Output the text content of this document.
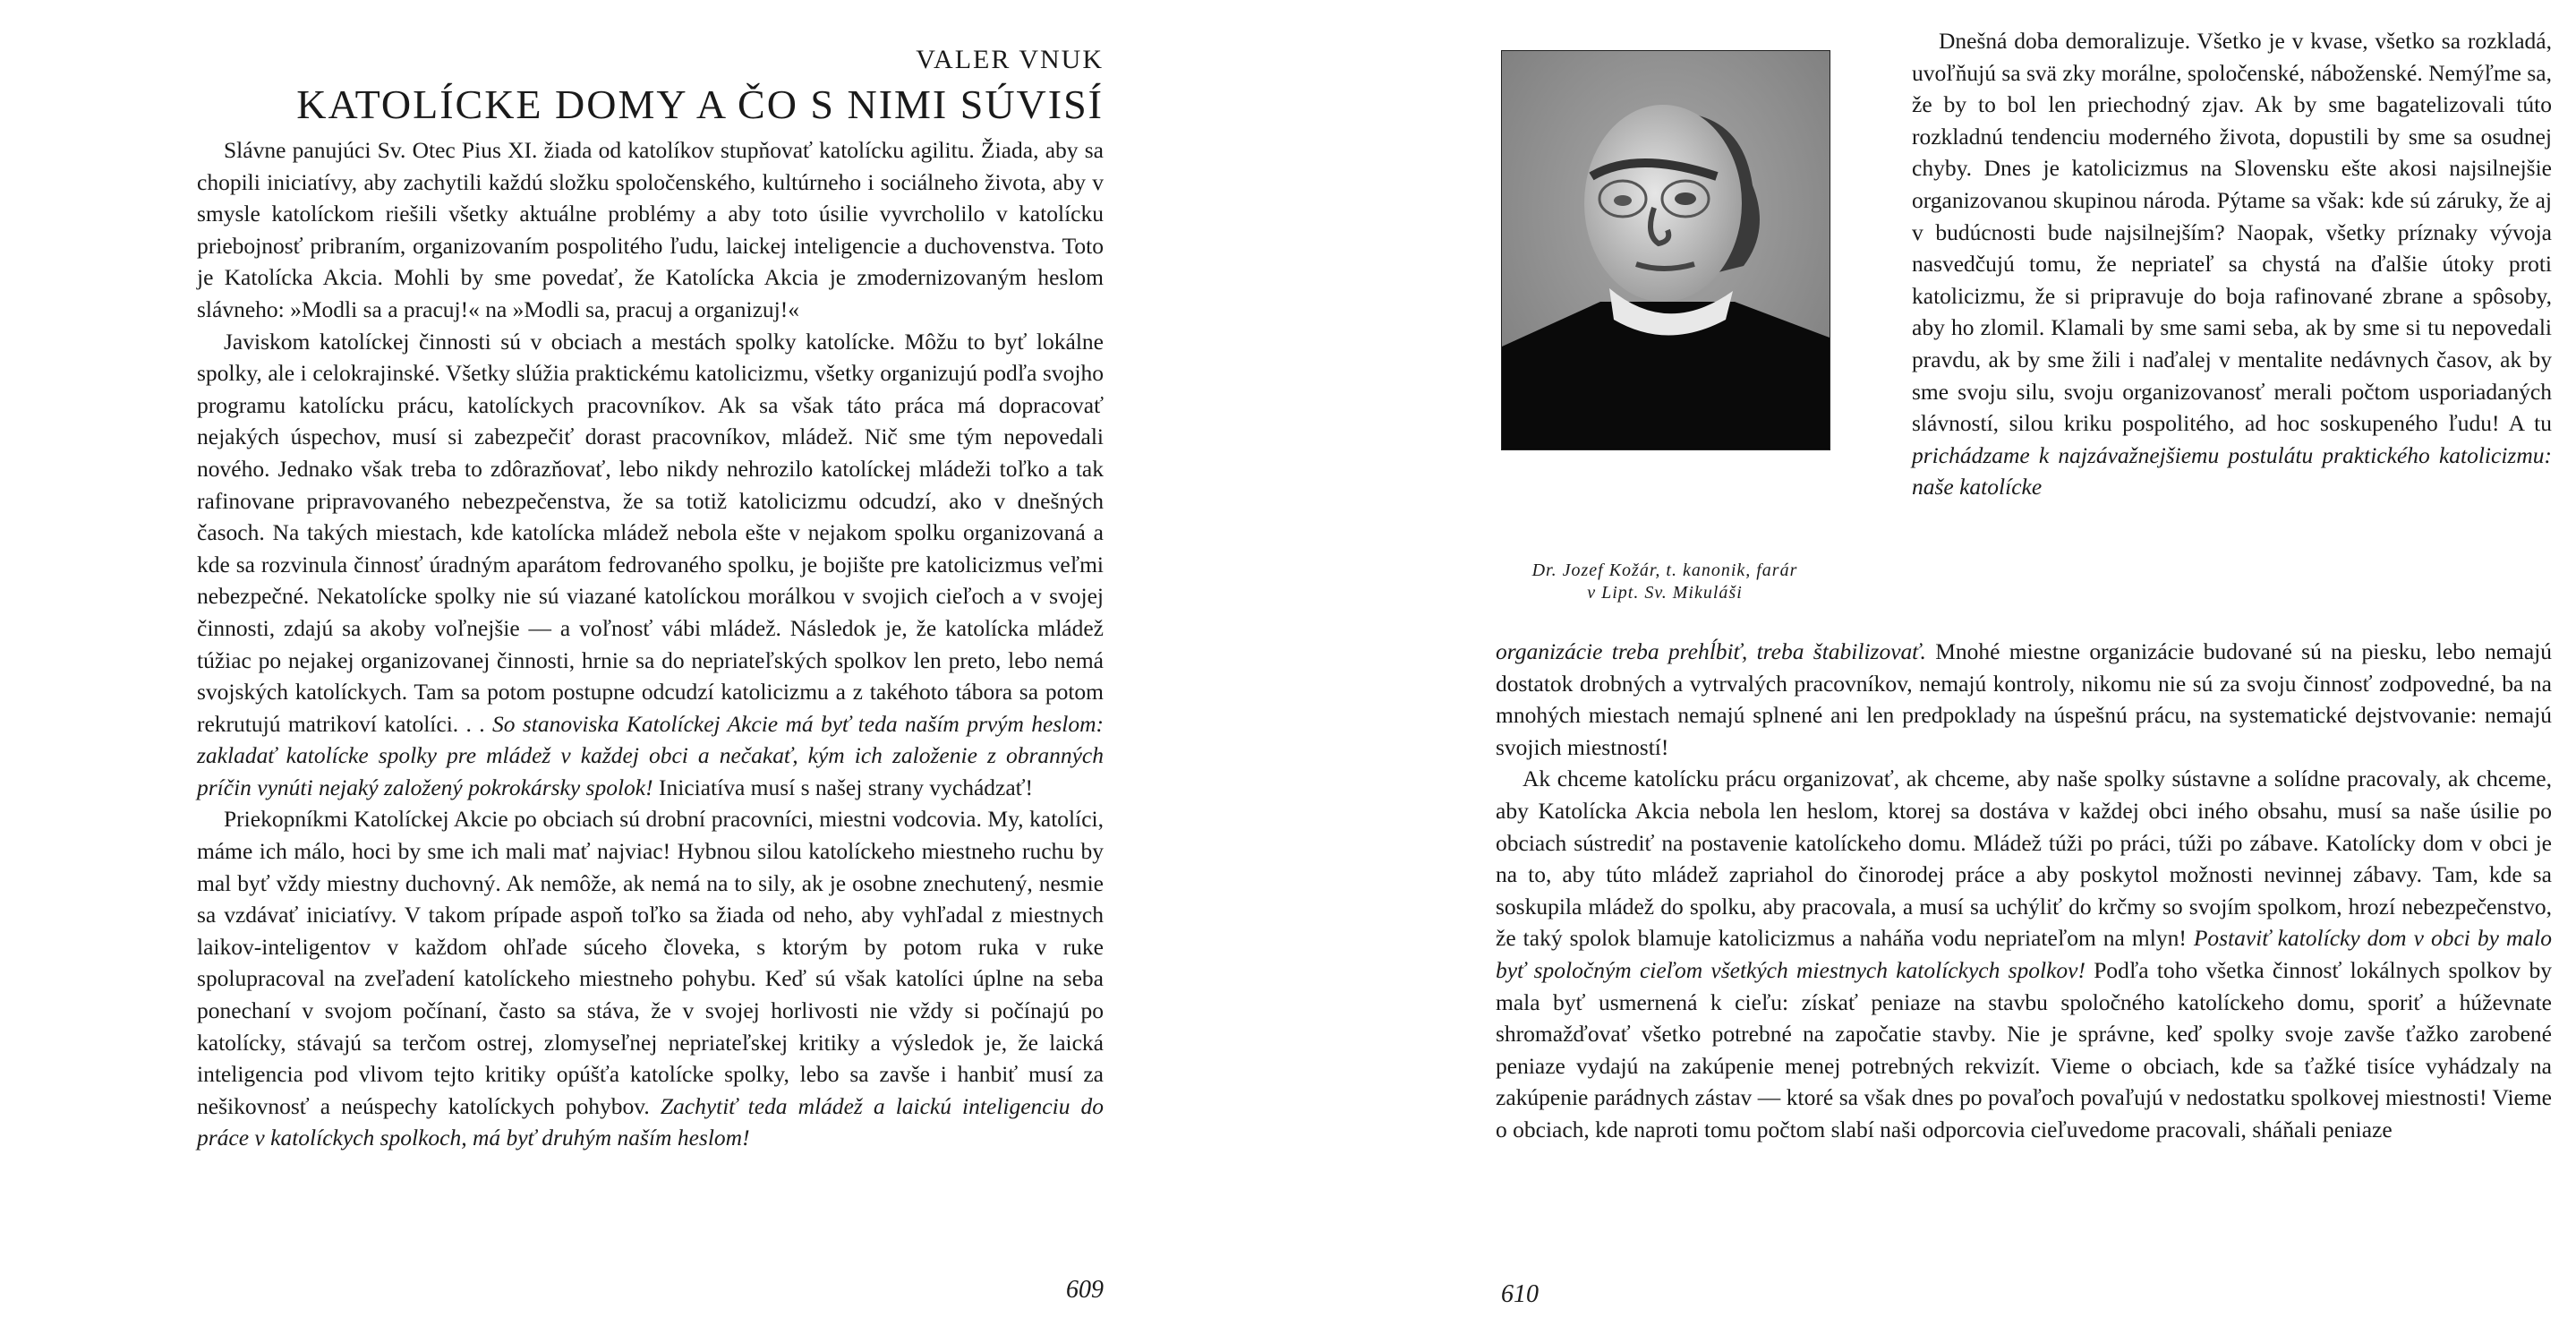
VALER VNUK
KATOLÍCKE DOMY A ČO S NIMI SÚVISÍ

Slávne panujúci Sv. Otec Pius XI. žiada od katolíkov stupňovať katolícku agilitu. Žiada, aby sa chopili iniciatívy, aby zachytili každú složku spoločenského, kultúrneho i sociálneho života, aby v smysle katolíckom riešili všetky aktuálne problémy a aby toto úsilie vyvrcholilo v katolícku priebojnosť pribraním, organizovaním pospolitého ľudu, laickej inteligencie a duchovenstva. Toto je Katolícka Akcia. Mohli by sme povedať, že Katolícka Akcia je zmodernizovaným heslom slávneho: »Modli sa a pracuj!« na »Modli sa, pracuj a organizuj!«

Javiskom katolíckej činnosti sú v obciach a mestách spolky katolícke. Môžu to byť lokálne spolky, ale i celokrajinské. Všetky slúžia praktickému katolicizmu, všetky organizujú podľa svojho programu katolícku prácu, katolíckych pracovníkov. Ak sa však táto práca má dopracovať nejakých úspechov, musí si zabezpečiť dorast pracovníkov, mládež. Nič sme tým nepovedali nového. Jednako však treba to zdôrazňovať, lebo nikdy nehrozilo katolíckej mládeži toľko a tak rafinovane pripravovaného nebezpečenstva, že sa totiž katolicizmu odcudzí, ako v dnešných časoch. Na takých miestach, kde katolícka mládež nebola ešte v nejakom spolku organizovaná a kde sa rozvinula činnosť úradným aparátom fedrovaného spolku, je bojište pre katolicizmus veľmi nebezpečné. Nekatolícke spolky nie sú viazané katolíckou morálkou v svojich cieľoch a v svojej činnosti, zdajú sa akoby voľnejšie — a voľnosť vábi mládež. Následok je, že katolícka mládež túžiac po nejakej organizovanej činnosti, hrnie sa do nepriateľských spolkov len preto, lebo nemá svojských katolíckych. Tam sa potom postupne odcudzí katolicizmu a z takéhoto tábora sa potom rekrutujú matrikoví katolíci. . . So stanoviska Katolíckej Akcie má byť teda naším prvým heslom: zakladať katolícke spolky pre mládež v každej obci a nečakať, kým ich založenie z obranných príčin vynúti nejaký založený pokrokársky spolok! Iniciatíva musí s našej strany vychádzať!

Priekopníkmi Katolíckej Akcie po obciach sú drobní pracovníci, miestni vodcovia. My, katolíci, máme ich málo, hoci by sme ich mali mať najviac! Hybnou silou katolíckeho miestneho ruchu by mal byť vždy miestny duchovný. Ak nemôže, ak nemá na to sily, ak je osobne znechutený, nesmie sa vzdávať iniciatívy. V takom prípade aspoň toľko sa žiada od neho, aby vyhľadal z miestnych laikov-inteligentov v každom ohľade súceho človeka, s ktorým by potom ruka v ruke spolupracoval na zveľadení katolíckeho miestneho pohybu. Keď sú však katolíci úplne na seba ponechaní v svojom počínaní, často sa stáva, že v svojej horlivosti nie vždy si počínajú po katolícky, stávajú sa terčom ostrej, zlomyseľnej nepriateľskej kritiky a výsledok je, že laická inteligencia pod vlivom tejto kritiky opúšťa katolícke spolky, lebo sa zavše i hanbiť musí za nešikovnosť a neúspechy katolíckych pohybov. Zachytiť teda mládež a laickú inteligenciu do práce v katolíckych spolkoch, má byť druhým naším heslom!

609
Dr. Jozef Kožár, t. kanonik, farár
v Lipt. Sv. Mikuláši

Dnešná doba demoralizuje. Všetko je v kvase, všetko sa rozkladá, uvoľňujú sa svä zky morálne, spoločenské, náboženské. Nemýľme sa, že by to bol len priechodný zjav. Ak by sme bagatelizovali túto rozkladnú tendenciu moderného života, dopustili by sme sa osudnej chyby. Dnes je katolicizmus na Slovensku ešte akosi najsilnejšie organizovanou skupinou národa. Pýtame sa však: kde sú záruky, že aj v budúcnosti bude najsilnejším? Naopak, všetky príznaky vývoja nasvedčujú tomu, že nepriateľ sa chystá na ďalšie útoky proti katolicizmu, že si pripravuje do boja rafinované zbrane a spôsoby, aby ho zlomil. Klamali by sme sami seba, ak by sme si tu nepovedali pravdu, ak by sme žili i naďalej v mentalite nedávnych časov, ak by sme svoju silu, svoju organizovanosť merali počtom usporiadaných slávností, silou kriku pospolitého, ad hoc soskupeného ľudu! A tu prichádzame k najzávažnejšiemu postulátu praktického katolicizmu: naše katolícke

organizácie treba prehĺbiť, treba štabilizovať. Mnohé miestne organizácie budované sú na piesku, lebo nemajú dostatok drobných a vytrvalých pracovníkov, nemajú kontroly, nikomu nie sú za svoju činnosť zodpovedné, ba na mnohých miestach nemajú splnené ani len predpoklady na úspešnú prácu, na systematické dejstvovanie: nemajú svojich miestností!

Ak chceme katolícku prácu organizovať, ak chceme, aby naše spolky sústavne a solídne pracovaly, ak chceme, aby Katolícka Akcia nebola len heslom, ktorej sa dostáva v každej obci iného obsahu, musí sa naše úsilie po obciach sústrediť na postavenie katolíckeho domu. Mládež túži po práci, túži po zábave. Katolícky dom v obci je na to, aby túto mládež zapriahol do činorodej práce a aby poskytol možnosti nevinnej zábavy. Tam, kde sa soskupila mládež do spolku, aby pracovala, a musí sa uchýliť do krčmy so svojím spolkom, hrozí nebezpečenstvo, že taký spolok blamuje katolicizmus a naháňa vodu nepriateľom na mlyn! Postaviť katolícky dom v obci by malo byť spoločným cieľom všetkých miestnych katolíckych spolkov! Podľa toho všetka činnosť lokálnych spolkov by mala byť usmernená k cieľu: získať peniaze na stavbu spoločného katolíckeho domu, sporiť a húževnate shromažďovať všetko potrebné na započatie stavby. Nie je správne, keď spolky svoje zavše ťažko zarobené peniaze vydajú na zakúpenie menej potrebných rekvizít. Vieme o obciach, kde sa ťažké tisíce vyhádzaly na zakúpenie parádnych zástav — ktoré sa však dnes po povaľoch povaľujú v nedostatku spolkovej miestnosti! Vieme o obciach, kde naproti tomu počtom slabí naši odporcovia cieľuvedome pracovali, sháňali peniaze

610
